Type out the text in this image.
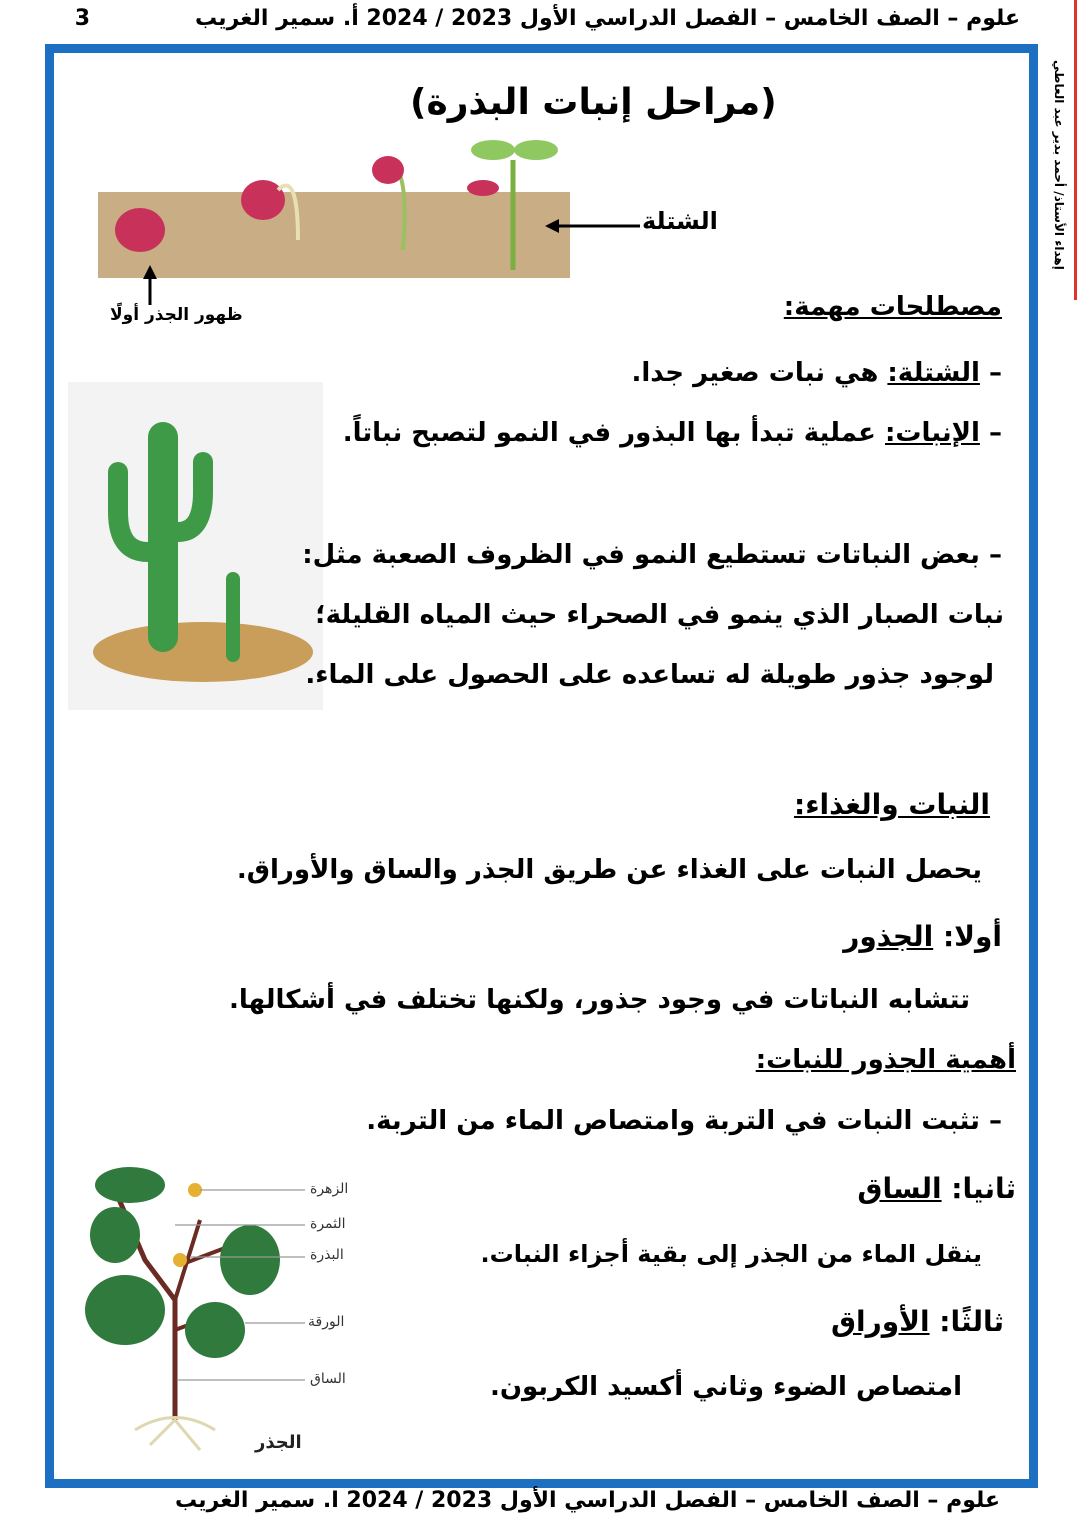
علوم – الصف الخامس – الفصل الدراسي الأول 2023 / 2024 أ. سمير الغريب
3
إهداء الأستاذ/ أحمد بدير عبد العاطي
(مراحل إنبات البذرة)
الشتلة
ظهور الجذر أولًا	مصطلحات مهمة:
– الشتلة: هي نبات صغير جدا.
– الإنبات: عملية تبدأ بها البذور في النمو لتصبح نباتاً.
– بعض النباتات تستطيع النمو في الظروف الصعبة مثل:
نبات الصبار الذي ينمو في الصحراء حيث المياه القليلة؛
لوجود جذور طويلة له تساعده على الحصول على الماء.
النبات والغذاء:
يحصل النبات على الغذاء عن طريق الجذر والساق والأوراق.
أولا: الجذور
تتشابه النباتات في وجود جذور، ولكنها تختلف في أشكالها.
أهمية الجذور للنبات:
– تثبت النبات في التربة وامتصاص الماء من التربة.
ثانيا: الساق
ينقل الماء من الجذر إلى بقية أجزاء النبات.
ثالثًا: الأوراق
امتصاص الضوء وثاني أكسيد الكربون.
الزهرة
الثمرة
البذرة
الورقة
الساق
الجذر
علوم – الصف الخامس – الفصل الدراسي الأول 2023 / 2024 ا. سمير الغريب
